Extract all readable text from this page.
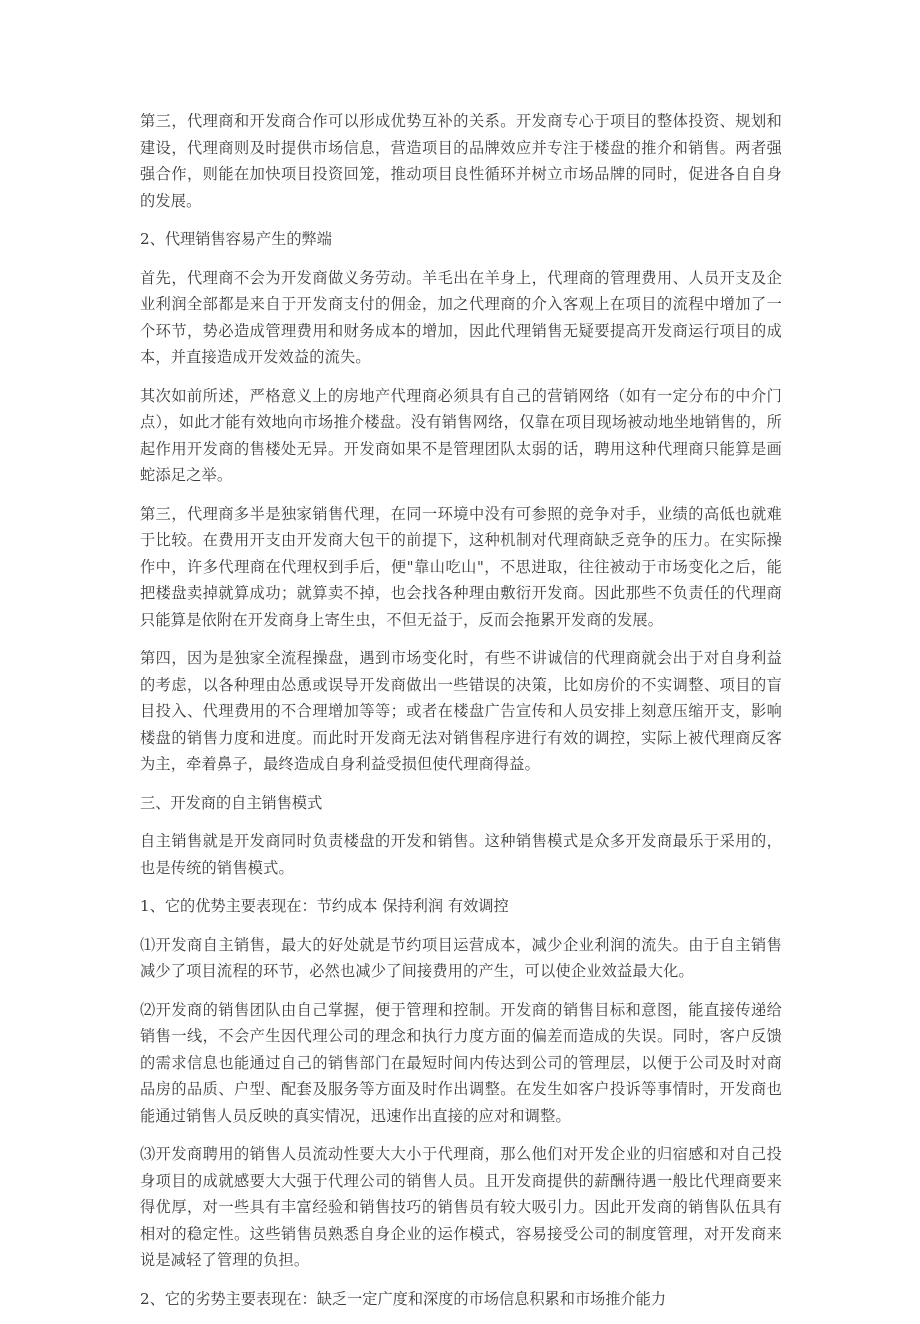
第三，代理商和开发商合作可以形成优势互补的关系。开发商专心于项目的整体投资、规划和建设，代理商则及时提供市场信息，营造项目的品牌效应并专注于楼盘的推介和销售。两者强强合作，则能在加快项目投资回笼，推动项目良性循环并树立市场品牌的同时，促进各自自身的发展。

2、代理销售容易产生的弊端

首先，代理商不会为开发商做义务劳动。羊毛出在羊身上，代理商的管理费用、人员开支及企业利润全部都是来自于开发商支付的佣金，加之代理商的介入客观上在项目的流程中增加了一个环节，势必造成管理费用和财务成本的增加，因此代理销售无疑要提高开发商运行项目的成本，并直接造成开发效益的流失。

其次如前所述，严格意义上的房地产代理商必须具有自己的营销网络（如有一定分布的中介门点），如此才能有效地向市场推介楼盘。没有销售网络，仅靠在项目现场被动地坐地销售的，所起作用开发商的售楼处无异。开发商如果不是管理团队太弱的话，聘用这种代理商只能算是画蛇添足之举。

第三，代理商多半是独家销售代理，在同一环境中没有可参照的竞争对手，业绩的高低也就难于比较。在费用开支由开发商大包干的前提下，这种机制对代理商缺乏竞争的压力。在实际操作中，许多代理商在代理权到手后，便"靠山吃山"，不思进取，往往被动于市场变化之后，能把楼盘卖掉就算成功；就算卖不掉，也会找各种理由敷衍开发商。因此那些不负责任的代理商只能算是依附在开发商身上寄生虫，不但无益于，反而会拖累开发商的发展。

第四，因为是独家全流程操盘，遇到市场变化时，有些不讲诚信的代理商就会出于对自身利益的考虑，以各种理由怂恿或误导开发商做出一些错误的决策，比如房价的不实调整、项目的盲目投入、代理费用的不合理增加等等；或者在楼盘广告宣传和人员安排上刻意压缩开支，影响楼盘的销售力度和进度。而此时开发商无法对销售程序进行有效的调控，实际上被代理商反客为主，牵着鼻子，最终造成自身利益受损但使代理商得益。

三、开发商的自主销售模式

自主销售就是开发商同时负责楼盘的开发和销售。这种销售模式是众多开发商最乐于采用的，也是传统的销售模式。

1、它的优势主要表现在：节约成本 保持利润 有效调控

⑴开发商自主销售，最大的好处就是节约项目运营成本，减少企业利润的流失。由于自主销售减少了项目流程的环节，必然也减少了间接费用的产生，可以使企业效益最大化。

⑵开发商的销售团队由自己掌握，便于管理和控制。开发商的销售目标和意图，能直接传递给销售一线，不会产生因代理公司的理念和执行力度方面的偏差而造成的失误。同时，客户反馈的需求信息也能通过自己的销售部门在最短时间内传达到公司的管理层，以便于公司及时对商品房的品质、户型、配套及服务等方面及时作出调整。在发生如客户投诉等事情时，开发商也能通过销售人员反映的真实情况，迅速作出直接的应对和调整。

⑶开发商聘用的销售人员流动性要大大小于代理商，那么他们对开发企业的归宿感和对自己投身项目的成就感要大大强于代理公司的销售人员。且开发商提供的薪酬待遇一般比代理商要来得优厚，对一些具有丰富经验和销售技巧的销售员有较大吸引力。因此开发商的销售队伍具有相对的稳定性。这些销售员熟悉自身企业的运作模式，容易接受公司的制度管理，对开发商来说是减轻了管理的负担。

2、它的劣势主要表现在：缺乏一定广度和深度的市场信息积累和市场推介能力
